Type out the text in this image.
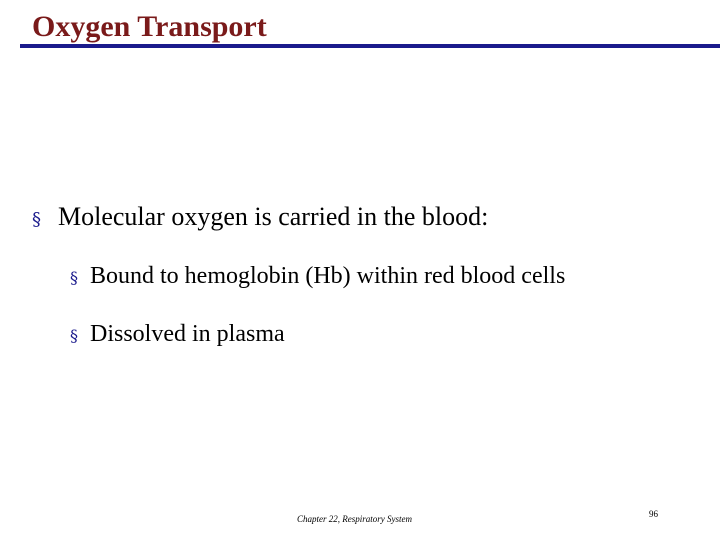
Oxygen Transport
§ Molecular oxygen is carried in the blood:
§ Bound to hemoglobin (Hb) within red blood cells
§ Dissolved in plasma
Chapter 22, Respiratory System	96
